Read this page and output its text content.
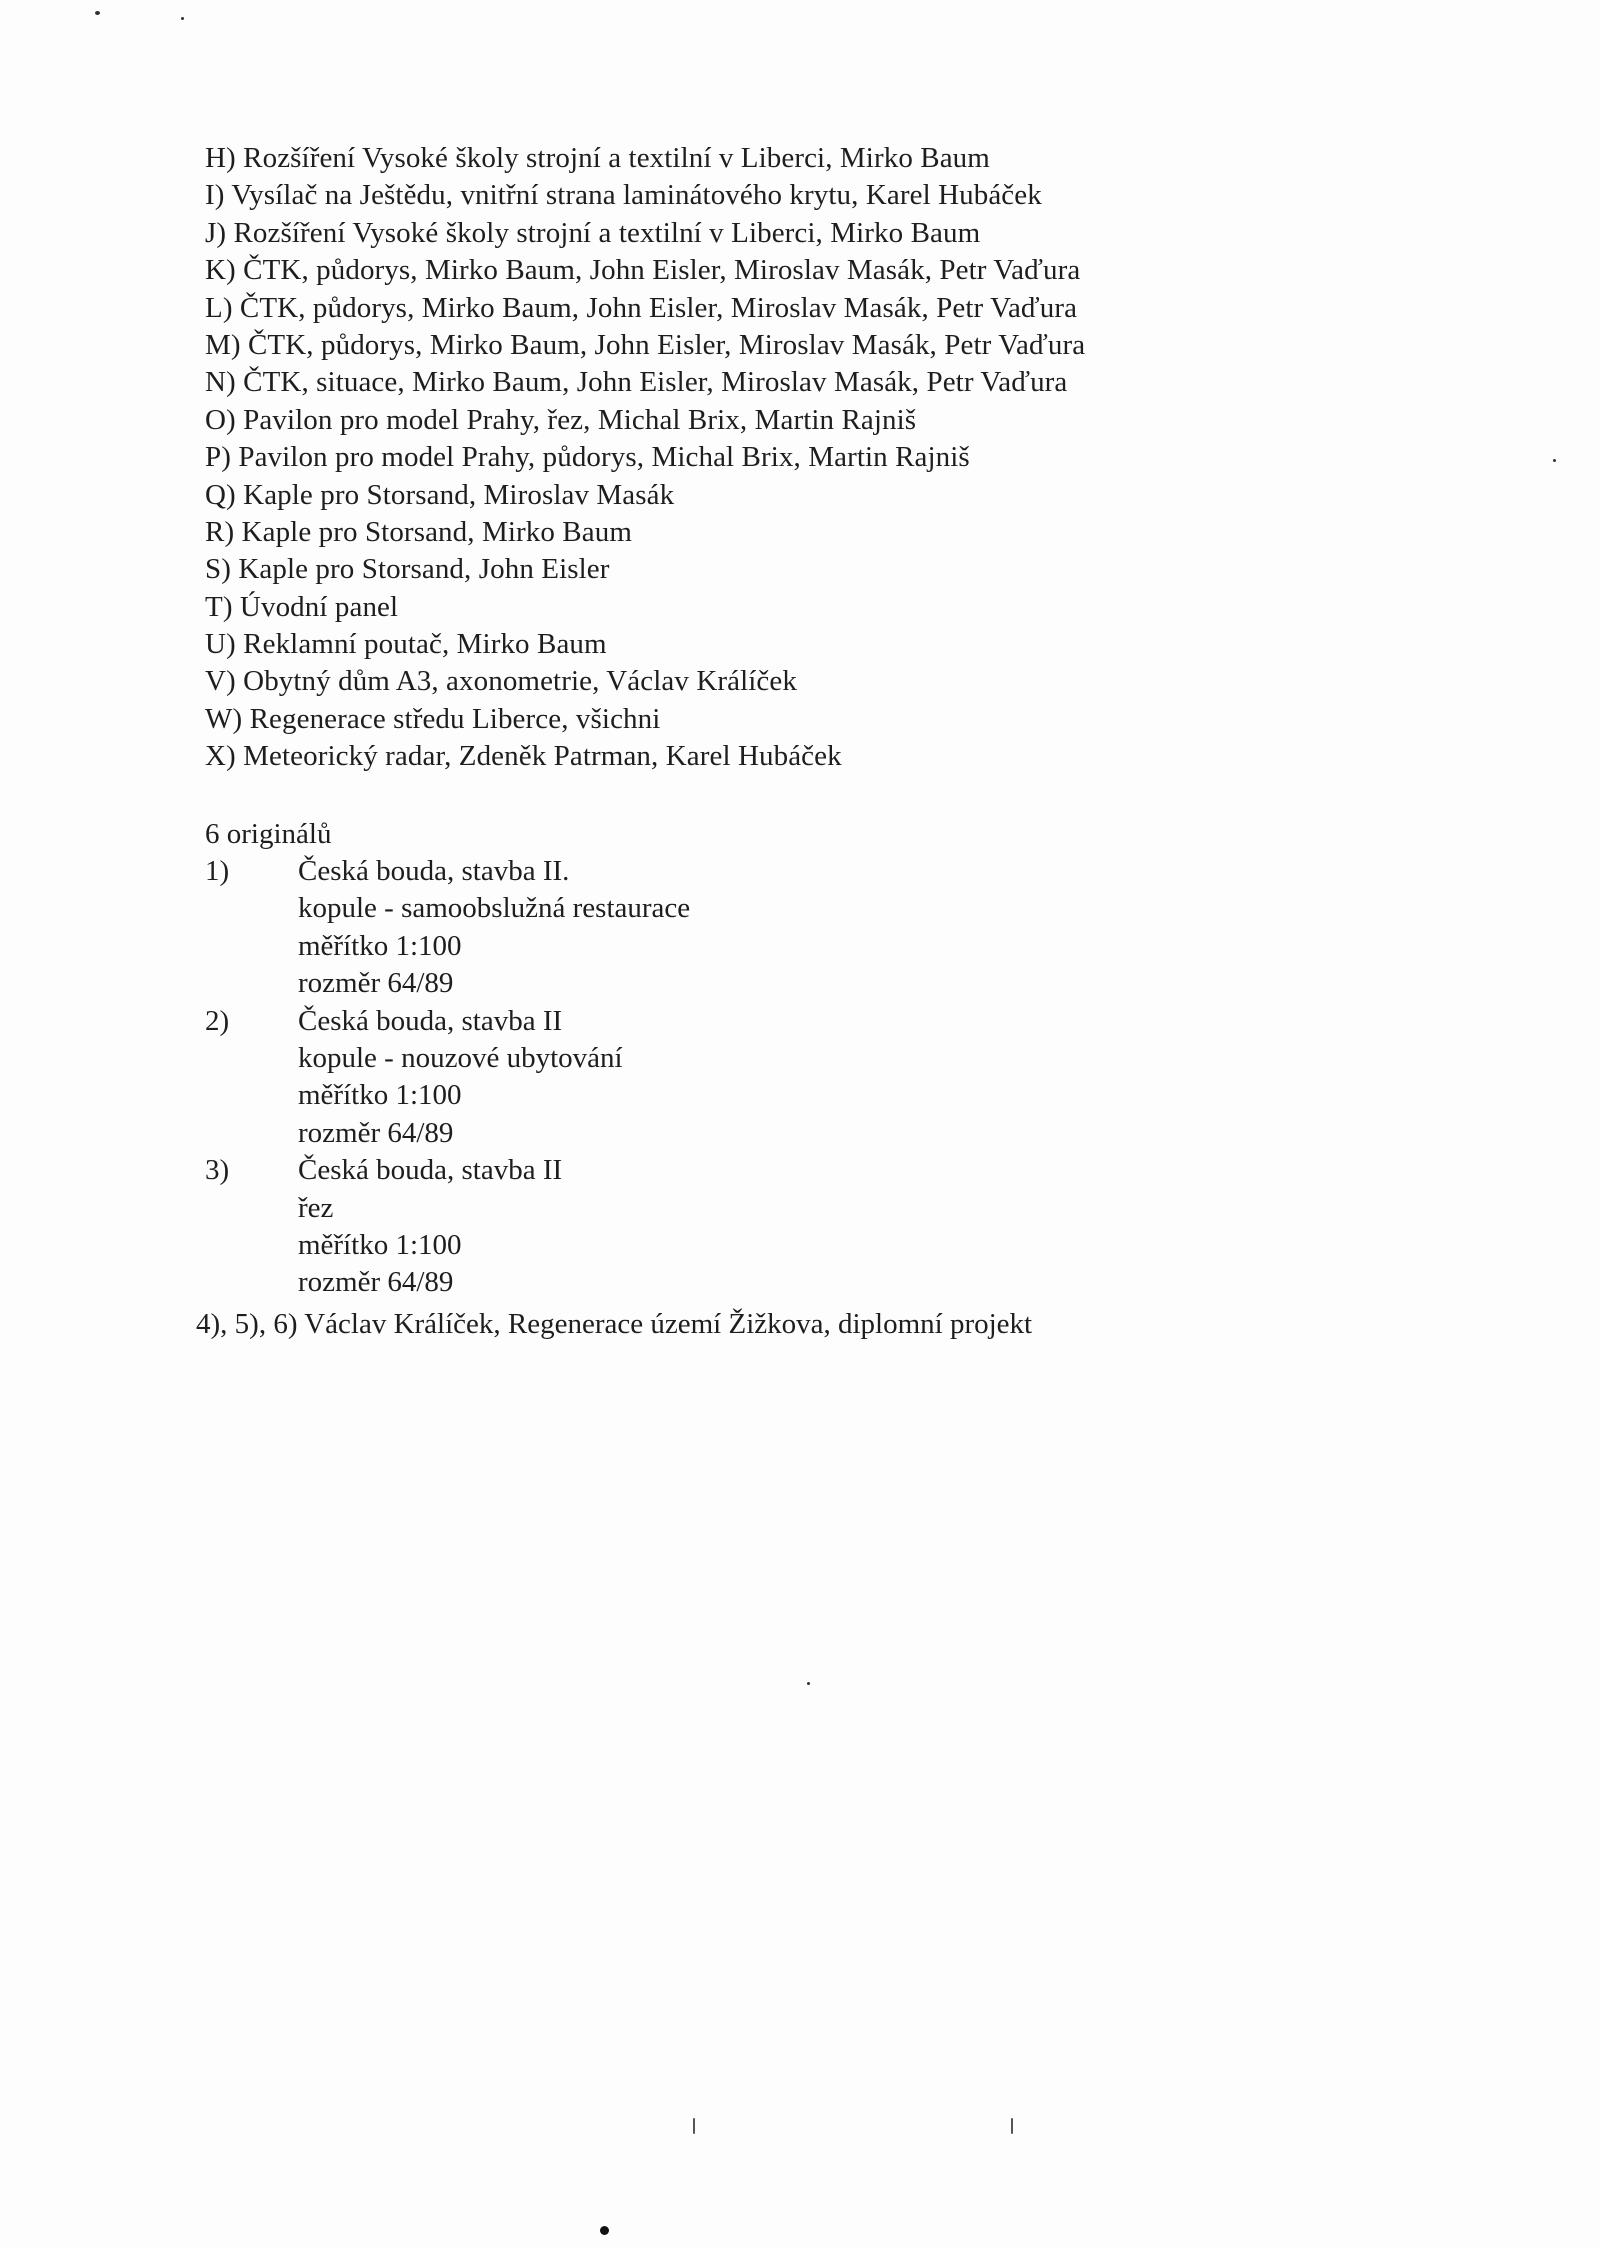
H) Rozšíření Vysoké školy strojní a textilní v Liberci, Mirko Baum
I) Vysílač na Ještědu, vnitřní strana laminátového krytu, Karel Hubáček
J) Rozšíření Vysoké školy strojní a textilní v Liberci, Mirko Baum
K) ČTK, půdorys, Mirko Baum, John Eisler, Miroslav Masák, Petr Vaďura
L) ČTK, půdorys, Mirko Baum, John Eisler, Miroslav Masák, Petr Vaďura
M) ČTK, půdorys, Mirko Baum, John Eisler, Miroslav Masák, Petr Vaďura
N) ČTK, situace, Mirko Baum, John Eisler, Miroslav Masák, Petr Vaďura
O) Pavilon pro model Prahy, řez, Michal Brix, Martin Rajniš
P) Pavilon pro model Prahy, půdorys, Michal Brix, Martin Rajniš
Q) Kaple pro Storsand, Miroslav Masák
R) Kaple pro Storsand, Mirko Baum
S) Kaple pro Storsand, John Eisler
T) Úvodní panel
U) Reklamní poutač, Mirko Baum
V) Obytný dům A3, axonometrie, Václav Králíček
W) Regenerace středu Liberce, všichni
X) Meteorický radar, Zdeněk Patrman, Karel Hubáček
6 originálů
1) Česká bouda, stavba II.
kopule - samoobslužná restaurace
měřítko 1:100
rozměr 64/89
2) Česká bouda, stavba II
kopule - nouzové ubytování
měřítko 1:100
rozměr 64/89
3) Česká bouda, stavba II
řez
měřítko 1:100
rozměr 64/89

4), 5), 6) Václav Králíček, Regenerace území Žižkova, diplomní projekt
